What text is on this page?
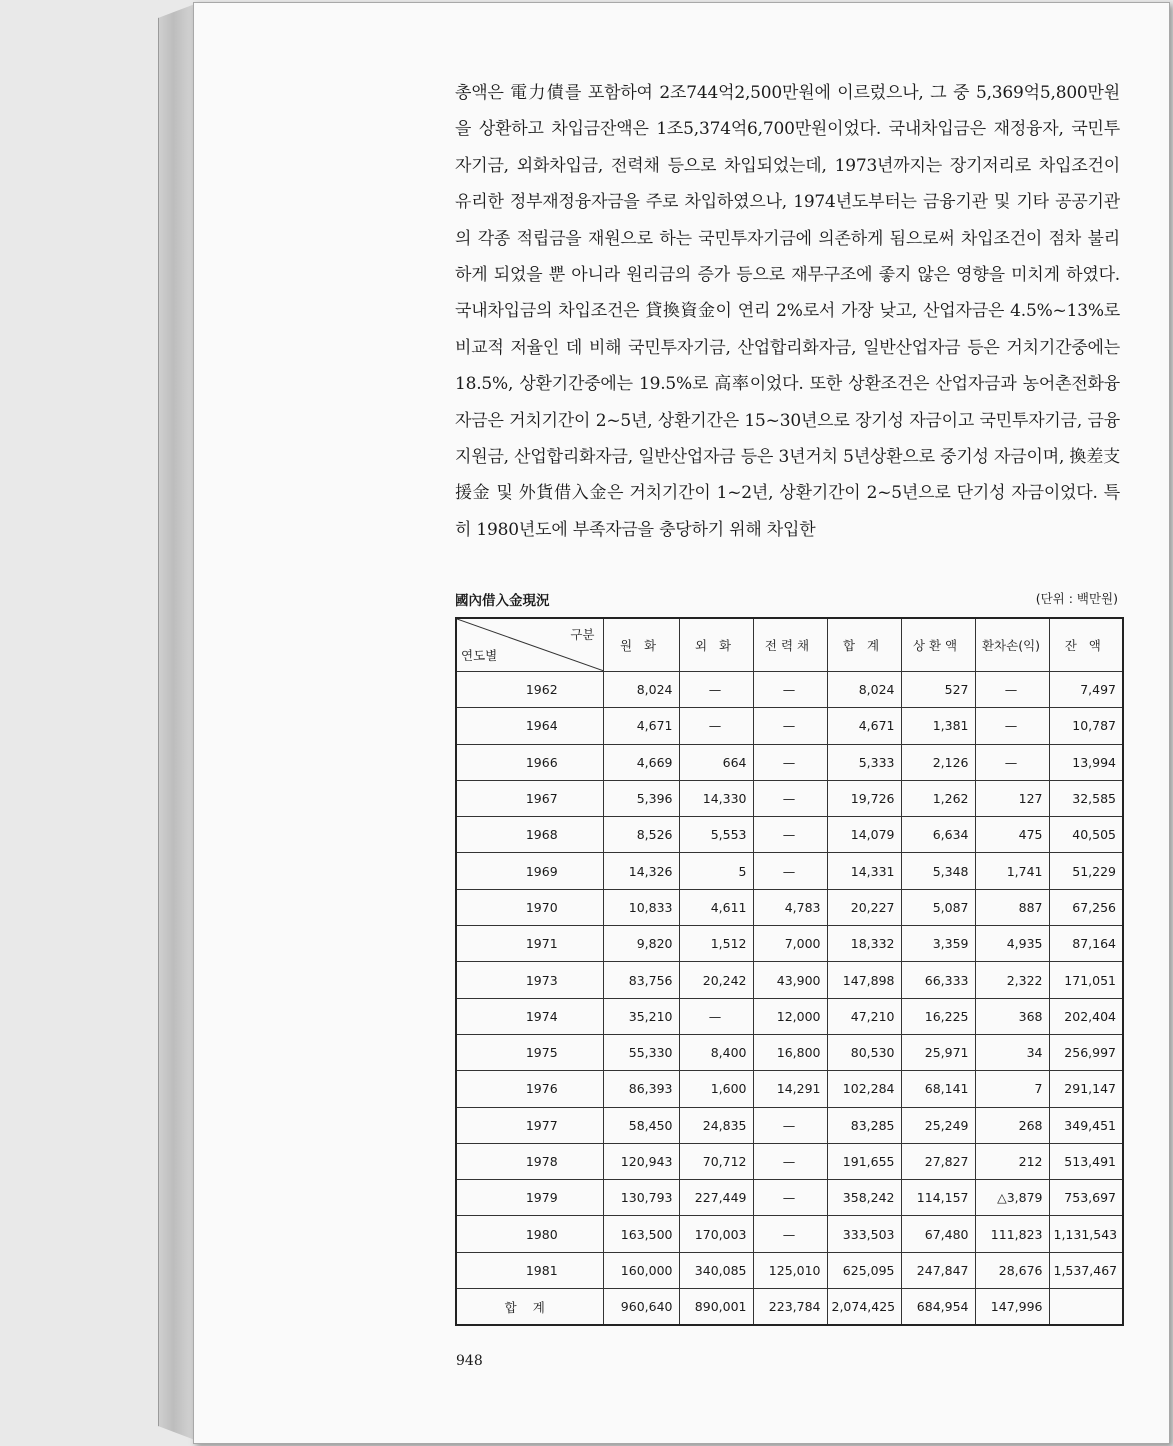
총액은 電力債를 포함하여 2조744억2,500만원에 이르렀으나, 그 중 5,369억5,800만원을 상환하고 차입금잔액은 1조5,374억6,700만원이었다. 국내차입금은 재정융자, 국민투자기금, 외화차입금, 전력채 등으로 차입되었는데, 1973년까지는 장기저리로 차입조건이 유리한 정부재정융자금을 주로 차입하였으나, 1974년도부터는 금융기관 및 기타 공공기관의 각종 적립금을 재원으로 하는 국민투자기금에 의존하게 됨으로써 차입조건이 점차 불리하게 되었을 뿐 아니라 원리금의 증가 등으로 재무구조에 좋지 않은 영향을 미치게 하였다. 국내차입금의 차입조건은 貸換資金이 연리 2%로서 가장 낮고, 산업자금은 4.5%~13%로 비교적 저율인 데 비해 국민투자기금, 산업합리화자금, 일반산업자금 등은 거치기간중에는 18.5%, 상환기간중에는 19.5%로 高率이었다. 또한 상환조건은 산업자금과 농어촌전화융자금은 거치기간이 2~5년, 상환기간은 15~30년으로 장기성 자금이고 국민투자기금, 금융지원금, 산업합리화자금, 일반산업자금 등은 3년거치 5년상환으로 중기성 자금이며, 換差支援金 및 外貨借入金은 거치기간이 1~2년, 상환기간이 2~5년으로 단기성 자금이었다. 특히 1980년도에 부족자금을 충당하기 위해 차입한

國內借入金現況	(단위 : 백만원)
구분
연도별	원 화	외 화	전력채	합 계	상환액	환차손(익)	잔 액
1962	8,024	—	—	8,024	527	—	7,497
1964	4,671	—	—	4,671	1,381	—	10,787
1966	4,669	664	—	5,333	2,126	—	13,994
1967	5,396	14,330	—	19,726	1,262	127	32,585
1968	8,526	5,553	—	14,079	6,634	475	40,505
1969	14,326	5	—	14,331	5,348	1,741	51,229
1970	10,833	4,611	4,783	20,227	5,087	887	67,256
1971	9,820	1,512	7,000	18,332	3,359	4,935	87,164
1973	83,756	20,242	43,900	147,898	66,333	2,322	171,051
1974	35,210	—	12,000	47,210	16,225	368	202,404
1975	55,330	8,400	16,800	80,530	25,971	34	256,997
1976	86,393	1,600	14,291	102,284	68,141	7	291,147
1977	58,450	24,835	—	83,285	25,249	268	349,451
1978	120,943	70,712	—	191,655	27,827	212	513,491
1979	130,793	227,449	—	358,242	114,157	△3,879	753,697
1980	163,500	170,003	—	333,503	67,480	111,823	1,131,543
1981	160,000	340,085	125,010	625,095	247,847	28,676	1,537,467
합계	960,640	890,001	223,784	2,074,425	684,954	147,996	
948
